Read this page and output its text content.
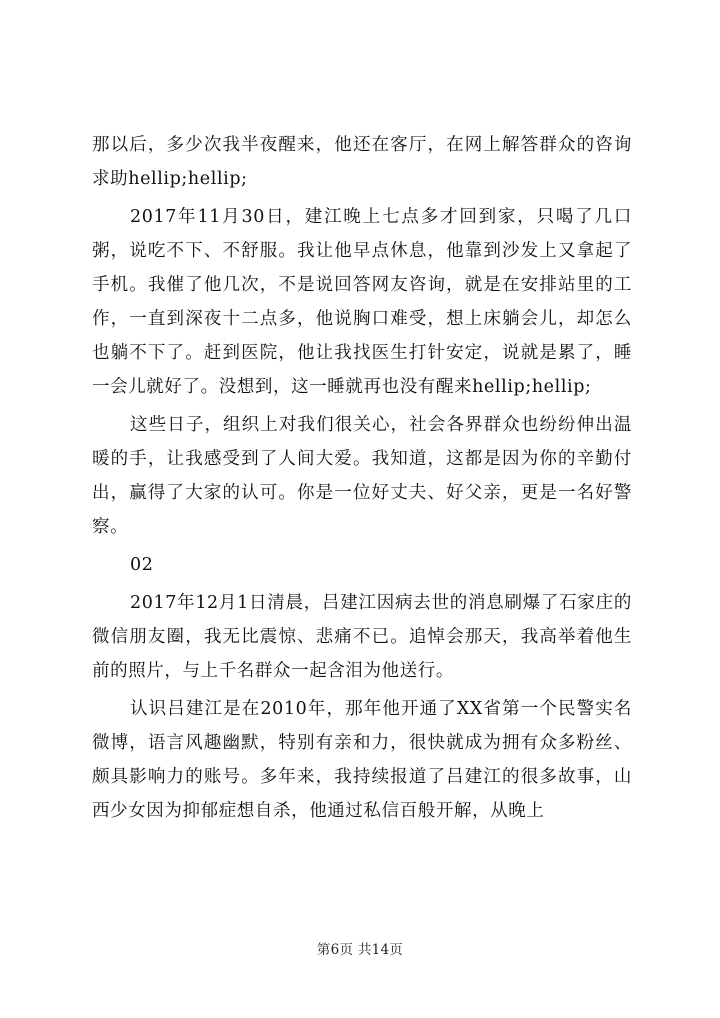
那以后，多少次我半夜醒来，他还在客厅，在网上解答群众的咨询求助hellip;hellip;

2017年11月30日，建江晚上七点多才回到家，只喝了几口粥，说吃不下、不舒服。我让他早点休息，他靠到沙发上又拿起了手机。我催了他几次，不是说回答网友咨询，就是在安排站里的工作，一直到深夜十二点多，他说胸口难受，想上床躺会儿，却怎么也躺不下了。赶到医院，他让我找医生打针安定，说就是累了，睡一会儿就好了。没想到，这一睡就再也没有醒来hellip;hellip;

这些日子，组织上对我们很关心，社会各界群众也纷纷伸出温暖的手，让我感受到了人间大爱。我知道，这都是因为你的辛勤付出，赢得了大家的认可。你是一位好丈夫、好父亲，更是一名好警察。

02

2017年12月1日清晨，吕建江因病去世的消息刷爆了石家庄的微信朋友圈，我无比震惊、悲痛不已。追悼会那天，我高举着他生前的照片，与上千名群众一起含泪为他送行。

认识吕建江是在2010年，那年他开通了XX省第一个民警实名微博，语言风趣幽默，特别有亲和力，很快就成为拥有众多粉丝、颇具影响力的账号。多年来，我持续报道了吕建江的很多故事，山西少女因为抑郁症想自杀，他通过私信百般开解，从晚上

第6页 共14页
